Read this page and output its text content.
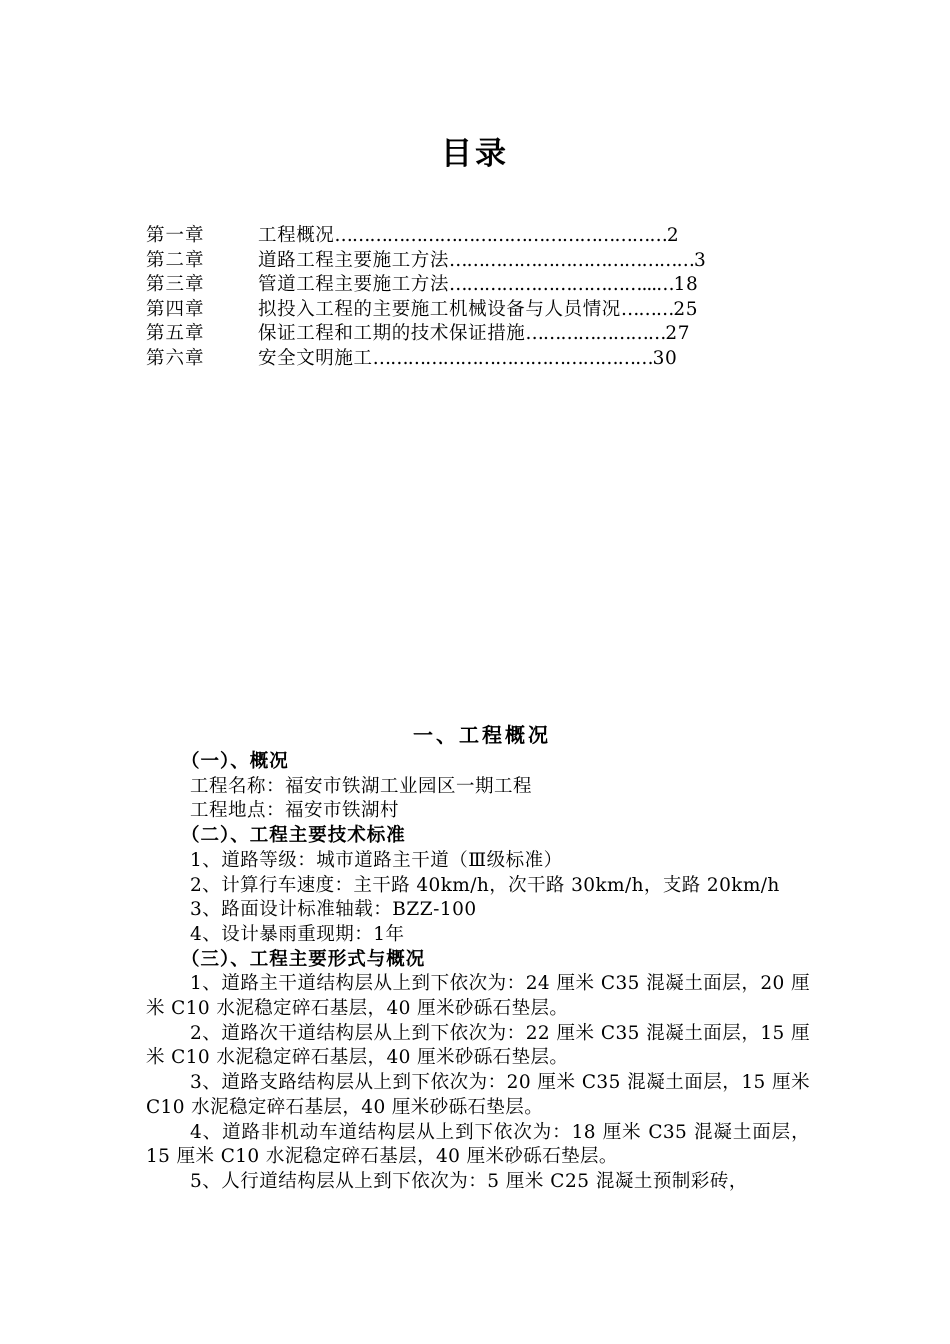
目录
第一章	工程概况…………………………………………………2
第二章	道路工程主要施工方法……………………………………3
第三章	管道工程主要施工方法……………………………...…18
第四章	拟投入工程的主要施工机械设备与人员情况………25
第五章	保证工程和工期的技术保证措施……………………27
第六章	安全文明施工…………………………………………30
一、工程概况

（一）、概况

工程名称：福安市铁湖工业园区一期工程

工程地点：福安市铁湖村

（二）、工程主要技术标准

1、道路等级：城市道路主干道（Ⅲ级标准）

2、计算行车速度：主干路 40km/h，次干路 30km/h，支路 20km/h

3、路面设计标准轴载：BZZ-100

4、设计暴雨重现期：1年

（三）、工程主要形式与概况

1、道路主干道结构层从上到下依次为：24 厘米 C35 混凝土面层，20 厘米 C10 水泥稳定碎石基层，40 厘米砂砾石垫层。

2、道路次干道结构层从上到下依次为：22 厘米 C35 混凝土面层，15 厘米 C10 水泥稳定碎石基层，40 厘米砂砾石垫层。

3、道路支路结构层从上到下依次为：20 厘米 C35 混凝土面层，15 厘米 C10 水泥稳定碎石基层，40 厘米砂砾石垫层。

4、道路非机动车道结构层从上到下依次为：18 厘米 C35 混凝土面层，15 厘米 C10 水泥稳定碎石基层，40 厘米砂砾石垫层。

5、人行道结构层从上到下依次为：5 厘米 C25 混凝土预制彩砖，
